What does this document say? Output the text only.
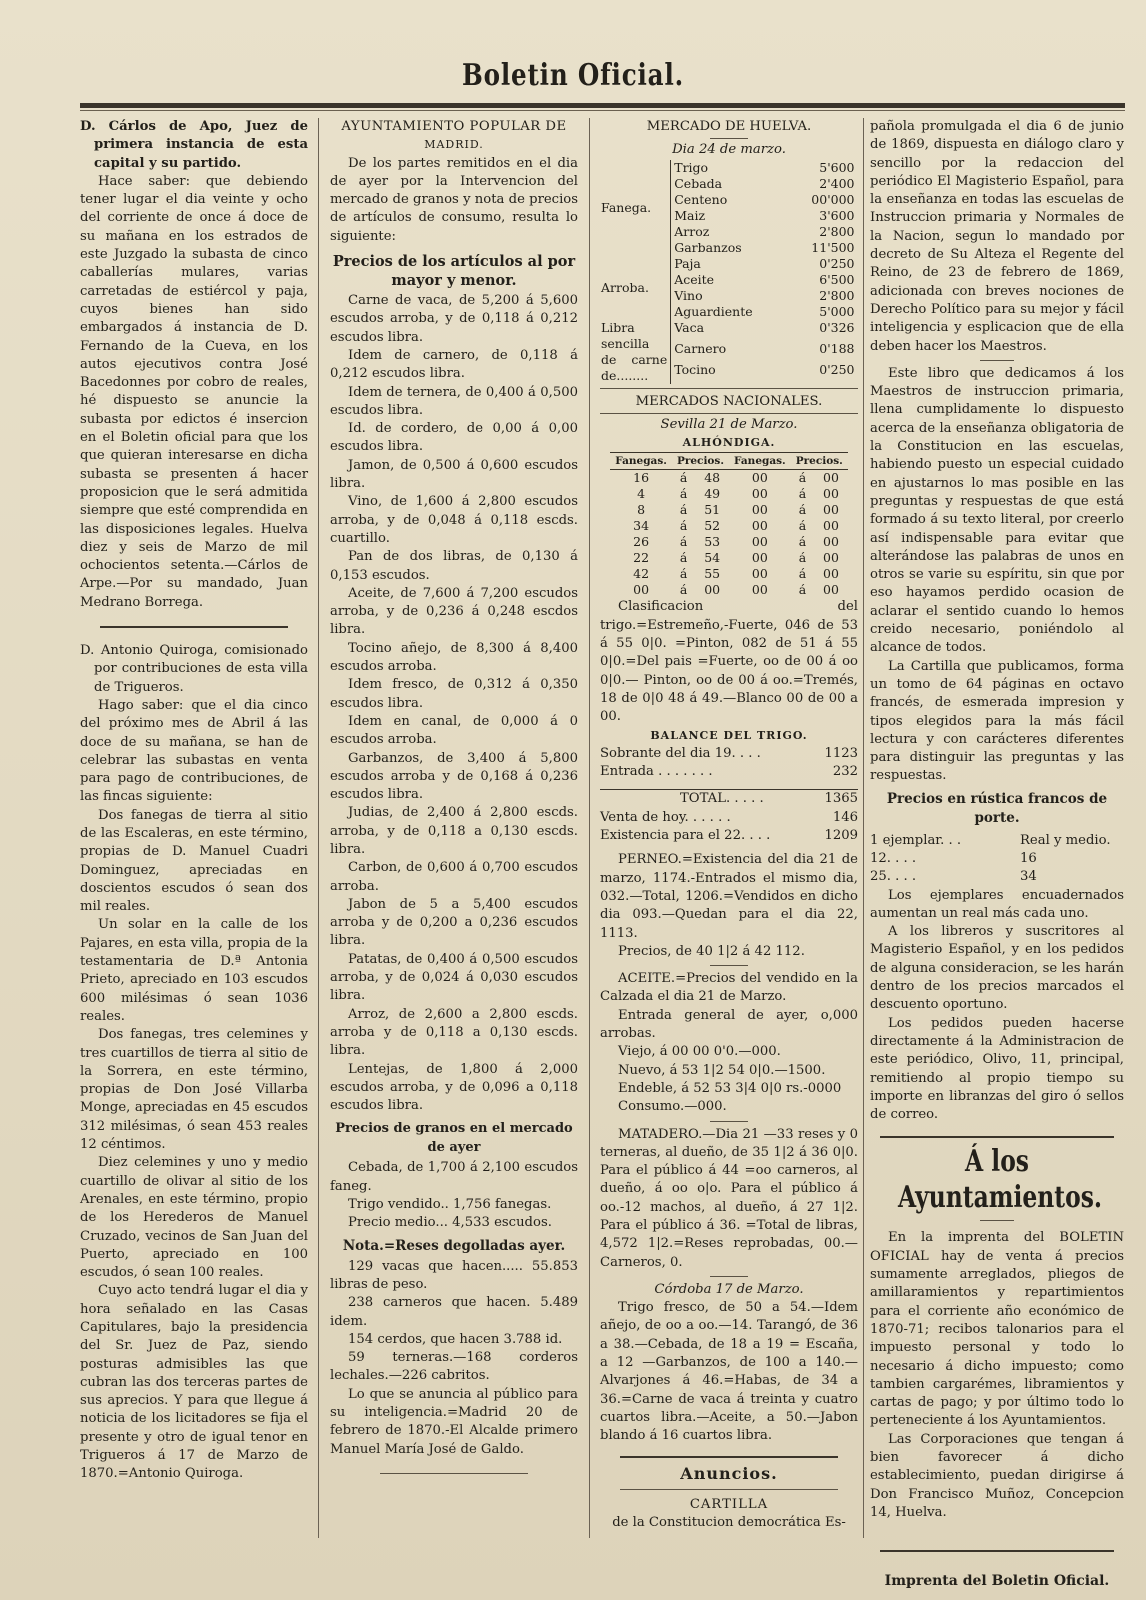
Boletin Oficial.

D. Cárlos de Apo, Juez de primera instancia de esta capital y su partido.

Hace saber: que debiendo tener lugar el dia veinte y ocho del corriente de once á doce de su mañana en los estrados de este Juzgado la subasta de cinco caballerías mulares, varias carretadas de estiércol y paja, cuyos bienes han sido embargados á instancia de D. Fernando de la Cueva, en los autos ejecutivos contra José Bacedonnes por cobro de reales, hé dispuesto se anuncie la subasta por edictos é insercion en el Boletin oficial para que los que quieran interesarse en dicha subasta se presenten á hacer proposicion que le será admitida siempre que esté comprendida en las disposiciones legales. Huelva diez y seis de Marzo de mil ochocientos setenta.—Cárlos de Arpe.—Por su mandado, Juan Medrano Borrega.

D. Antonio Quiroga, comisionado por contribuciones de esta villa de Trigueros.

Hago saber: que el dia cinco del próximo mes de Abril á las doce de su mañana, se han de celebrar las subastas en venta para pago de contribuciones, de las fincas siguiente:

Dos fanegas de tierra al sitio de las Escaleras, en este término, propias de D. Manuel Cuadri Dominguez, apreciadas en doscientos escudos ó sean dos mil reales.

Un solar en la calle de los Pajares, en esta villa, propia de la testamentaria de D.ª Antonia Prieto, apreciado en 103 escudos 600 milésimas ó sean 1036 reales.

Dos fanegas, tres celemines y tres cuartillos de tierra al sitio de la Sorrera, en este término, propias de Don José Villarba Monge, apreciadas en 45 escudos 312 milésimas, ó sean 453 reales 12 céntimos.

Diez celemines y uno y medio cuartillo de olivar al sitio de los Arenales, en este término, propio de los Herederos de Manuel Cruzado, vecinos de San Juan del Puerto, apreciado en 100 escudos, ó sean 100 reales.

Cuyo acto tendrá lugar el dia y hora señalado en las Casas Capitulares, bajo la presidencia del Sr. Juez de Paz, siendo posturas admisibles las que cubran las dos terceras partes de sus aprecios. Y para que llegue á noticia de los licitadores se fija el presente y otro de igual tenor en Trigueros á 17 de Marzo de 1870.=Antonio Quiroga.

AYUNTAMIENTO POPULAR DE

MADRID.

De los partes remitidos en el dia de ayer por la Intervencion del mercado de granos y nota de precios de artículos de consumo, resulta lo siguiente:

Precios de los artículos al por mayor y menor.

Carne de vaca, de 5,200 á 5,600 escudos arroba, y de 0,118 á 0,212 escudos libra.

Idem de carnero, de 0,118 á 0,212 escudos libra.

Idem de ternera, de 0,400 á 0,500 escudos libra.

Id. de cordero, de 0,00 á 0,00 escudos libra.

Jamon, de 0,500 á 0,600 escudos libra.

Vino, de 1,600 á 2,800 escudos arroba, y de 0,048 á 0,118 escds. cuartillo.

Pan de dos libras, de 0,130 á 0,153 escudos.

Aceite, de 7,600 á 7,200 escudos arroba, y de 0,236 á 0,248 escdos libra.

Tocino añejo, de 8,300 á 8,400 escudos arroba.

Idem fresco, de 0,312 á 0,350 escudos libra.

Idem en canal, de 0,000 á 0 escudos arroba.

Garbanzos, de 3,400 á 5,800 escudos arroba y de 0,168 á 0,236 escudos libra.

Judias, de 2,400 á 2,800 escds. arroba, y de 0,118 a 0,130 escds. libra.

Carbon, de 0,600 á 0,700 escudos arroba.

Jabon de 5 a 5,400 escudos arroba y de 0,200 a 0,236 escudos libra.

Patatas, de 0,400 á 0,500 escudos arroba, y de 0,024 á 0,030 escudos libra.

Arroz, de 2,600 a 2,800 escds. arroba y de 0,118 a 0,130 escds. libra.

Lentejas, de 1,800 á 2,000 escudos arroba, y de 0,096 a 0,118 escudos libra.

Precios de granos en el mercado de ayer

Cebada, de 1,700 á 2,100 escudos faneg.

Trigo vendido.. 1,756 fanegas.

Precio medio... 4,533 escudos.

Nota.=Reses degolladas ayer.

129 vacas que hacen..... 55.853 libras de peso.

238 carneros que hacen. 5.489 idem.

154 cerdos, que hacen 3.788 id.

59 terneras.—168 corderos lechales.—226 cabritos.

Lo que se anuncia al público para su inteligencia.=Madrid 20 de febrero de 1870.-El Alcalde primero Manuel María José de Galdo.

MERCADO DE HUELVA.

Dia 24 de marzo.

Fanega.	Trigo	5'600
	Cebada	2'400
	Centeno	00'000
	Maiz	3'600
	Arroz	2'800
	Garbanzos	11'500
Arroba.	Paja	0'250
	Aceite	6'500
	Vino	2'800
	Aguardiente	5'000
Libra sencilla de carne de........	Vaca	0'326
	Carnero	0'188
	Tocino	0'250

MERCADOS NACIONALES.

Sevilla 21 de Marzo.

ALHÓNDIGA.

Fanegas.	Precios.		Fanegas.	Precios.	
16	á	48	00	á	00
4	á	49	00	á	00
8	á	51	00	á	00
34	á	52	00	á	00
26	á	53	00	á	00
22	á	54	00	á	00
42	á	55	00	á	00
00	á	00	00	á	00

Clasificacion del trigo.=Estremeño,-Fuerte, 046 de 53 á 55 0|0. =Pinton, 082 de 51 á 55 0|0.=Del pais =Fuerte, oo de 00 á oo 0|0.— Pinton, oo de 00 á oo.=Tremés, 18 de 0|0 48 á 49.—Blanco 00 de 00 a 00.

BALANCE DEL TRIGO.

Sobrante del dia 19. . . .	1123
Entrada . . . . . . .	232
TOTAL. . . . .	1365
Venta de hoy. . . . . .	146
Existencia para el 22. . . .	1209

PERNEO.=Existencia del dia 21 de marzo, 1174.-Entrados el mismo dia, 032.—Total, 1206.=Vendidos en dicho dia 093.—Quedan para el dia 22, 1113.

Precios, de 40 1|2 á 42 112.

ACEITE.=Precios del vendido en la Calzada el dia 21 de Marzo.

Entrada general de ayer, o,000 arrobas.

Viejo, á 00 00 0'0.—000.

Nuevo, á 53 1|2 54 0|0.—1500.

Endeble, á 52 53 3|4 0|0 rs.-0000

Consumo.—000.

MATADERO.—Dia 21 —33 reses y 0 terneras, al dueño, de 35 1|2 á 36 0|0. Para el público á 44 =oo carneros, al dueño, á oo o|o. Para el público á oo.-12 machos, al dueño, á 27 1|2. Para el público á 36. =Total de libras, 4,572 1|2.=Reses reprobadas, 00.—Carneros, 0.

Córdoba 17 de Marzo.

Trigo fresco, de 50 a 54.—Idem añejo, de oo a oo.—14. Tarangó, de 36 a 38.—Cebada, de 18 a 19 = Escaña, a 12 —Garbanzos, de 100 a 140.—Alvarjones á 46.=Habas, de 34 a 36.=Carne de vaca á treinta y cuatro cuartos libra.—Aceite, a 50.—Jabon blando á 16 cuartos libra.

Anuncios.

CARTILLA

de la Constitucion democrática Es-

pañola promulgada el dia 6 de junio de 1869, dispuesta en diálogo claro y sencillo por la redaccion del periódico El Magisterio Español, para la enseñanza en todas las escuelas de Instruccion primaria y Normales de la Nacion, segun lo mandado por decreto de Su Alteza el Regente del Reino, de 23 de febrero de 1869, adicionada con breves nociones de Derecho Político para su mejor y fácil inteligencia y esplicacion que de ella deben hacer los Maestros.

Este libro que dedicamos á los Maestros de instruccion primaria, llena cumplidamente lo dispuesto acerca de la enseñanza obligatoria de la Constitucion en las escuelas, habiendo puesto un especial cuidado en ajustarnos lo mas posible en las preguntas y respuestas de que está formado á su texto literal, por creerlo así indispensable para evitar que alterándose las palabras de unos en otros se varie su espíritu, sin que por eso hayamos perdido ocasion de aclarar el sentido cuando lo hemos creido necesario, poniéndolo al alcance de todos.

La Cartilla que publicamos, forma un tomo de 64 páginas en octavo francés, de esmerada impresion y tipos elegidos para la más fácil lectura y con carácteres diferentes para distinguir las preguntas y las respuestas.

Precios en rústica francos de porte.

1 ejemplar. . .	Real y medio.
12. . . .	16
25. . . .	34

Los ejemplares encuadernados aumentan un real más cada uno.

A los libreros y suscritores al Magisterio Español, y en los pedidos de alguna consideracion, se les harán dentro de los precios marcados el descuento oportuno.

Los pedidos pueden hacerse directamente á la Administracion de este periódico, Olivo, 11, principal, remitiendo al propio tiempo su importe en libranzas del giro ó sellos de correo.

Á los Ayuntamientos.

En la imprenta del BOLETIN OFICIAL hay de venta á precios sumamente arreglados, pliegos de amillaramientos y repartimientos para el corriente año económico de 1870-71; recibos talonarios para el impuesto personal y todo lo necesario á dicho impuesto; como tambien cargarémes, libramientos y cartas de pago; y por último todo lo perteneciente á los Ayuntamientos.

Las Corporaciones que tengan á bien favorecer á dicho establecimiento, puedan dirigirse á Don Francisco Muñoz, Concepcion 14, Huelva.

Imprenta del Boletin Oficial.
